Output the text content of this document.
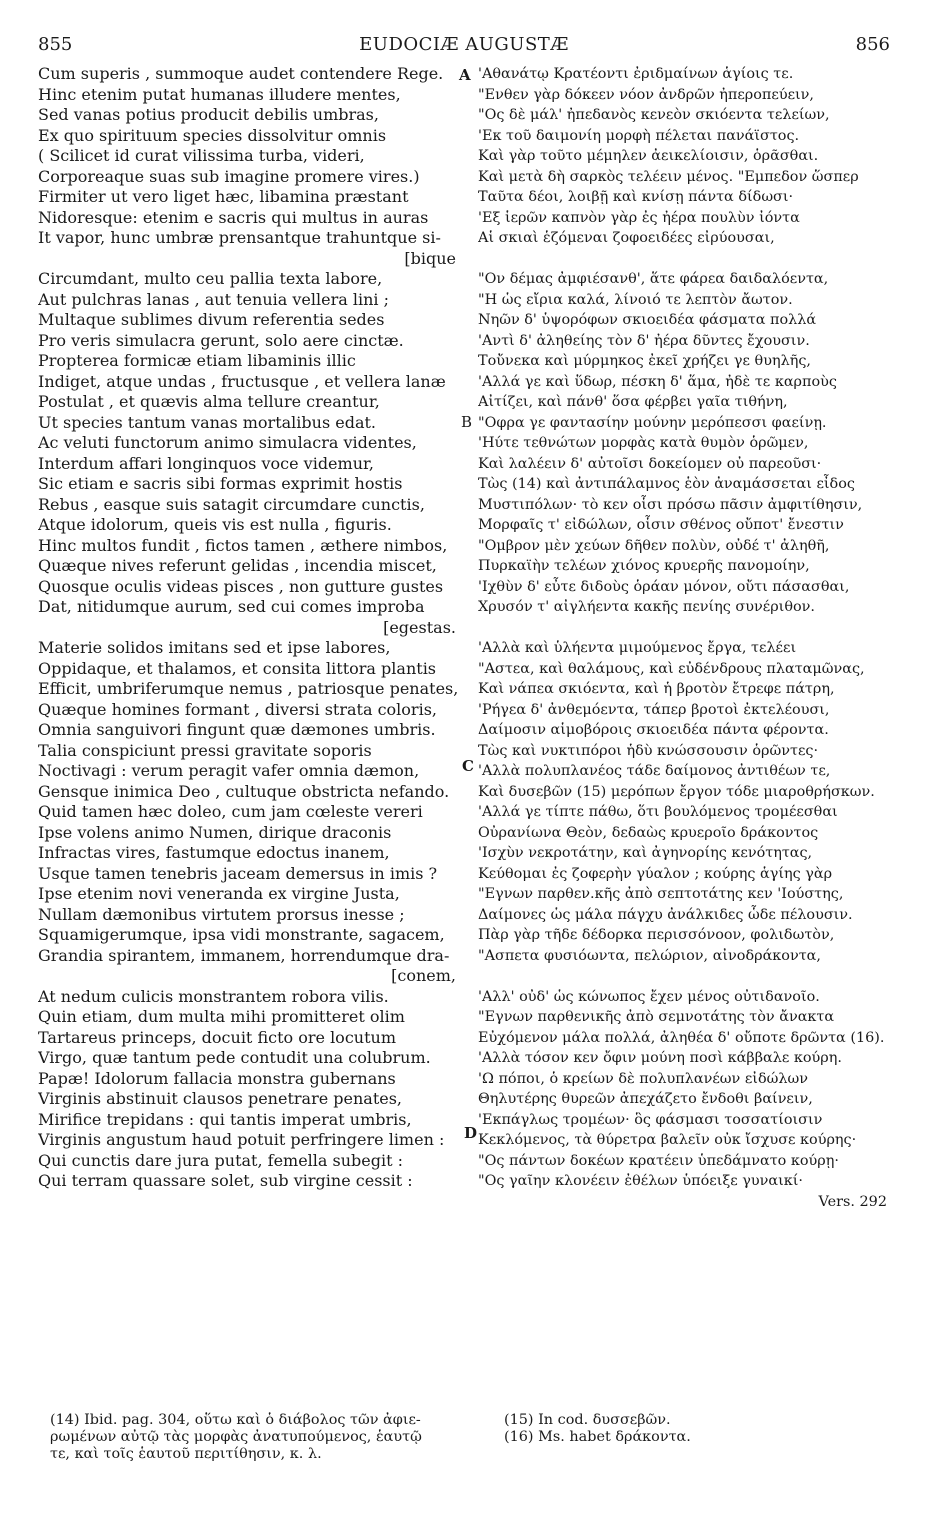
855	EUDOCIÆ AUGUSTÆ	856
Cum superis , summoque audet contendere Rege.
Hinc etenim putat humanas illudere mentes,
Sed vanas potius producit debilis umbras,
Ex quo spirituum species dissolvitur omnis
( Scilicet id curat vilissima turba, videri,
Corporeaque suas sub imagine promere vires.)
Firmiter ut vero liget hæc, libamina præstant
Nidoresque: etenim e sacris qui multus in auras
It vapor, hunc umbræ prensantque trahuntque si-
[bique
Circumdant, multo ceu pallia texta labore,
Aut pulchras lanas , aut tenuia vellera lini ;
Multaque sublimes divum referentia sedes
Pro veris simulacra gerunt, solo aere cinctæ.
Propterea formicæ etiam libaminis illic
Indiget, atque undas , fructusque , et vellera lanæ
Postulat , et quævis alma tellure creantur,
Ut species tantum vanas mortalibus edat.
Ac veluti functorum animo simulacra videntes,
Interdum affari longinquos voce videmur,
Sic etiam e sacris sibi formas exprimit hostis
Rebus , easque suis satagit circumdare cunctis,
Atque idolorum, queis vis est nulla , figuris.
Hinc multos fundit , fictos tamen , æthere nimbos,
Quæque nives referunt gelidas , incendia miscet,
Quosque oculis videas pisces , non gutture gustes
Dat, nitidumque aurum, sed cui comes improba
[egestas.
Materie solidos imitans sed et ipse labores,
Oppidaque, et thalamos, et consita littora plantis
Efficit, umbriferumque nemus , patriosque penates,
Quæque homines formant , diversi strata coloris,
Omnia sanguivori fingunt quæ dæmones umbris.
Talia conspiciunt pressi gravitate soporis
Noctivagi : verum peragit vafer omnia dæmon,
Gensque inimica Deo , cultuque obstricta nefando.
Quid tamen hæc doleo, cum jam cœleste vereri
Ipse volens animo Numen, dirique draconis
Infractas vires, fastumque edoctus inanem,
Usque tamen tenebris jaceam demersus in imis ?
Ipse etenim novi veneranda ex virgine Justa,
Nullam dæmonibus virtutem prorsus inesse ;
Squamigerumque, ipsa vidi monstrante, sagacem,
Grandia spirantem, immanem, horrendumque dra-
[conem,
At nedum culicis monstrantem robora vilis.
Quin etiam, dum multa mihi promitteret olim
Tartareus princeps, docuit ficto ore locutum
Virgo, quæ tantum pede contudit una colubrum.
Papæ! Idolorum fallacia monstra gubernans
Virginis abstinuit clausos penetrare penates,
Mirifice trepidans : qui tantis imperat umbris,
Virginis angustum haud potuit perfringere limen :
Qui cunctis dare jura putat, femella subegit :
Qui terram quassare solet, sub virgine cessit :
'Αθανάτῳ Κρατέοντι ἐριδμαίνων ἁγίοις τε.
"Ενθεν γὰρ δόκεεν νόον ἀνδρῶν ἠπεροπεύειν,
"Ος δὲ μάλ' ἠπεδανὸς κενεὸν σκιόεντα τελείων,
'Εκ τοῦ δαιμονίη μορφὴ πέλεται πανάϊστος.
Καὶ γὰρ τοῦτο μέμηλεν ἀεικελίοισιν, ὁρᾶσθαι.
Καὶ μετὰ δὴ σαρκὸς τελέειν μένος. "Εμπεδον ὥσπερ
Ταῦτα δέοι, λοιβῇ καὶ κνίσῃ πάντα δίδωσι·
'Εξ ἱερῶν καπνὸν γὰρ ἐς ἠέρα πουλὺν ἰόντα
Αἱ σκιαὶ ἑζόμεναι ζοφοειδέες εἰρύουσαι,
"Ον δέμας ἀμφιέσανθ', ἅτε φάρεα δαιδαλόεντα,
"Η ὡς εἴρια καλά, λίνοιό τε λεπτὸν ἄωτον.
Νηῶν δ' ὑψορόφων σκιοειδέα φάσματα πολλά
'Αντὶ δ' ἀληθείης τὸν δ' ἠέρα δῦντες ἔχουσιν.
Τοὔνεκα καὶ μύρμηκος ἐκεῖ χρήζει γε θυηλῆς,
'Αλλά γε καὶ ὕδωρ, πέσκη δ' ἅμα, ἠδὲ τε καρποὺς
Αἰτίζει, καὶ πάνθ' ὅσα φέρβει γαῖα τιθήνη,
"Οφρα γε φαντασίην μούνην μερόπεσσι φαείνῃ.
'Ηύτε τεθνώτων μορφὰς κατὰ θυμὸν ὁρῶμεν,
Καὶ λαλέειν δ' αὐτοῖσι δοκείομεν οὐ παρεοῦσι·
Τὼς (14) καὶ ἀντιπάλαμνος ἑὸν ἀναμάσσεται εἶδος
Μυστιπόλων· τὸ κεν οἷσι πρόσω πᾶσιν ἀμφιτίθησιν,
Μορφαῖς τ' εἰδώλων, οἷσιν σθένος οὔποτ' ἔνεστιν
"Ομβρον μὲν χεύων δῆθεν πολὺν, οὐδέ τ' ἀληθῆ,
Πυρκαϊὴν τελέων χιόνος κρυερῆς πανομοίην,
'Ιχθὺν δ' εὖτε διδοὺς ὁράαν μόνον, οὔτι πάσασθαι,
Χρυσόν τ' αἰγλήεντα κακῆς πενίης συνέριθον.
'Αλλὰ καὶ ὑλήεντα μιμούμενος ἔργα, τελέει
"Αστεα, καὶ θαλάμους, καὶ εὐδένδρους πλαταμῶνας,
Καὶ νάπεα σκιόεντα, καὶ ἡ βροτὸν ἔτρεφε πάτρη,
'Ρήγεα δ' ἀνθεμόεντα, τάπερ βροτοὶ ἐκτελέουσι,
Δαίμοσιν αἱμοβόροις σκιοειδέα πάντα φέροντα.
Τὼς καὶ νυκτιπόροι ἡδὺ κνώσσουσιν ὁρῶντες·
'Αλλὰ πολυπλανέος τάδε δαίμονος ἀντιθέων τε,
Καὶ δυσεβῶν (15) μερόπων ἔργον τόδε μιαροθρήσκων.
'Αλλά γε τίπτε πάθω, ὅτι βουλόμενος τρομέεσθαι
Οὐρανίωνα Θεὸν, δεδαὼς κρυεροῖο δράκοντος
'Ισχὺν νεκροτάτην, καὶ ἀγηνορίης κενότητας,
Κεύθομαι ἐς ζοφερὴν γύαλον ; κούρης ἁγίης γὰρ
"Εγνων παρθεν.κῆς ἀπὸ σεπτοτάτης κεν 'Ιούστης,
Δαίμονες ὡς μάλα πάγχυ ἀνάλκιδες ὧδε πέλουσιν.
Πὰρ γὰρ τῆδε δέδορκα περισσόνοον, φολιδωτὸν,
"Ασπετα φυσιόωντα, πελώριον, αἰνοδράκοντα,
'Αλλ' οὐδ' ὡς κώνωπος ἔχεν μένος οὐτιδανοῖο.
"Εγνων παρθενικῆς ἀπὸ σεμνοτάτης τὸν ἄνακτα
Εὐχόμενον μάλα πολλά, ἀληθέα δ' οὔποτε δρῶντα (16).
'Αλλὰ τόσον κεν ὄφιν μούνη ποσὶ κάββαλε κούρη.
'Ω πόποι, ὁ κρείων δὲ πολυπλανέων εἰδώλων
Θηλυτέρης θυρεῶν ἀπεχάζετο ἔνδοθι βαίνειν,
'Εκπάγλως τρομέων· ὃς φάσμασι τοσσατίοισιν
Κεκλόμενος, τὰ θύρετρα βαλεῖν οὐκ ἴσχυσε κούρης·
"Ος πάντων δοκέων κρατέειν ὑπεδάμνατο κούρῃ·
"Ος γαῖην κλονέειν ἐθέλων ὑπόειξε γυναικί·
Vers. 292
A
B
C
D
(14) Ibid. pag. 304, οὕτω καὶ ὁ διάβολος τῶν ἀφιε-
ρωμένων αὐτῷ τὰς μορφὰς ἀνατυπούμενος, ἑαυτῷ
τε, καὶ τοῖς ἑαυτοῦ περιτίθησιν, κ. λ.
(15) In cod. δυσσεβῶν.
(16) Ms. habet δράκοντα.
